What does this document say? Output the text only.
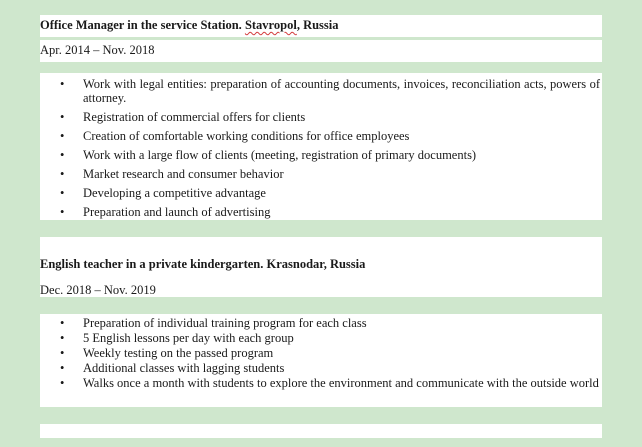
Office Manager in the service Station. Stavropol, Russia
Apr. 2014 – Nov. 2018
• Work with legal entities: preparation of accounting documents, invoices, reconciliation acts, powers of attorney.
• Registration of commercial offers for clients
• Creation of comfortable working conditions for office employees
• Work with a large flow of clients (meeting, registration of primary documents)
• Market research and consumer behavior
• Developing a competitive advantage
• Preparation and launch of advertising
English teacher in a private kindergarten. Krasnodar, Russia
Dec. 2018 – Nov. 2019
• Preparation of individual training program for each class
• 5 English lessons per day with each group
• Weekly testing on the passed program
• Additional classes with lagging students
• Walks once a month with students to explore the environment and communicate with the outside world
